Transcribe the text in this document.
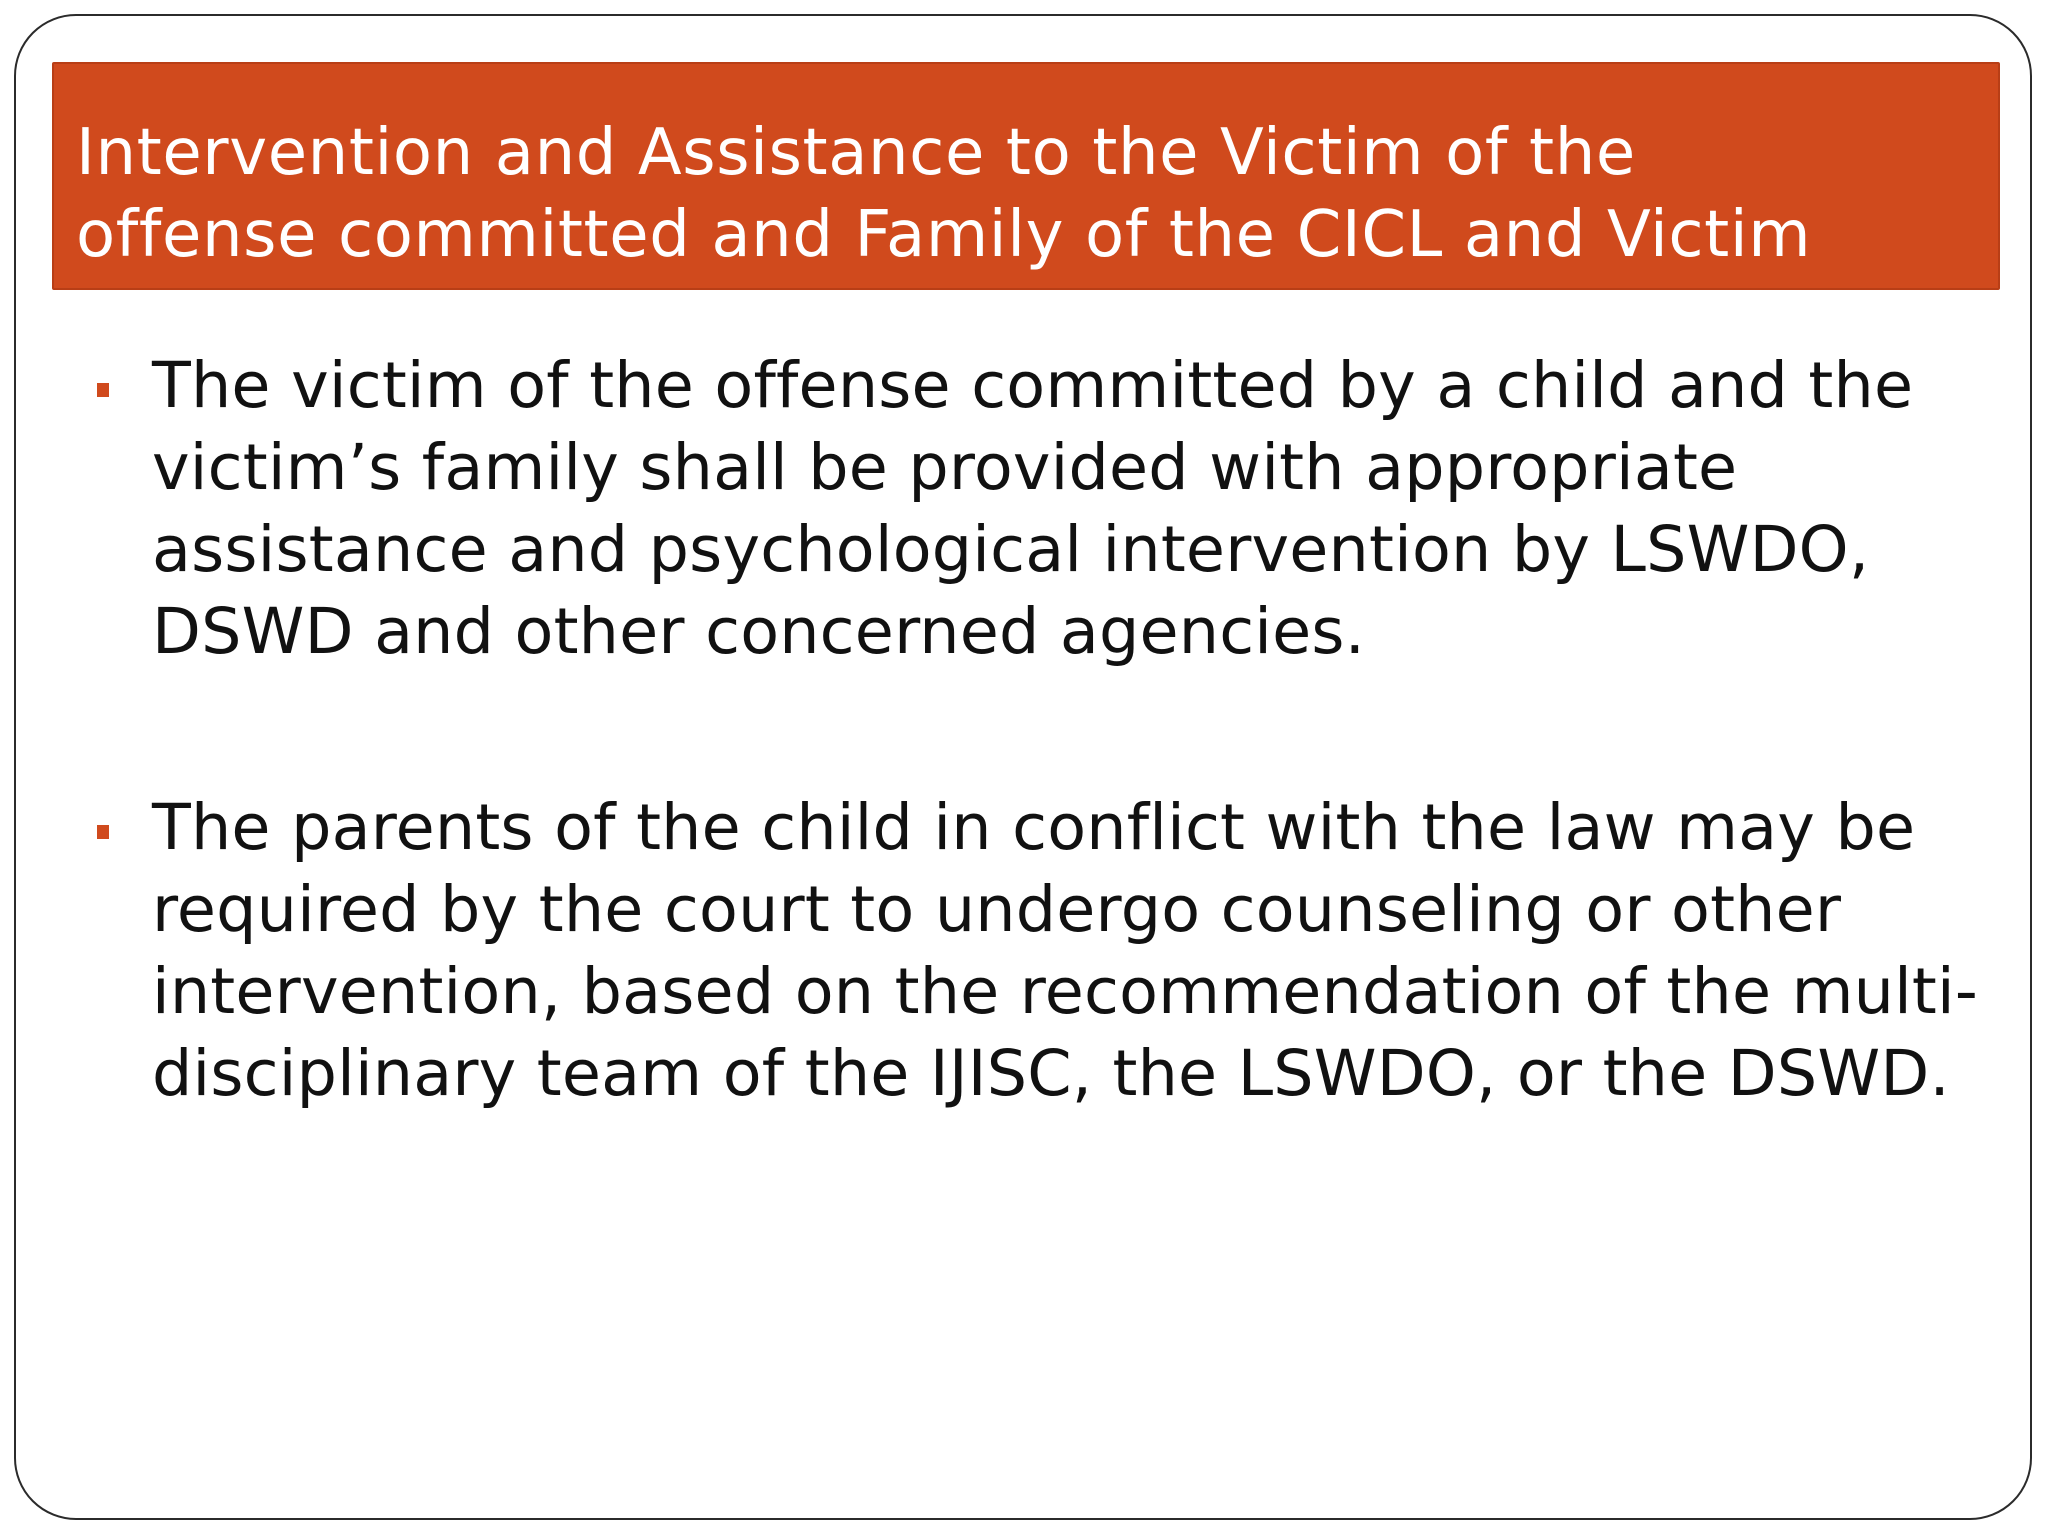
Intervention and Assistance to the Victim of the
offense committed and Family of the CICL and Victim
The victim of the offense committed by a child and the victim’s family shall be provided with appropriate assistance and psychological intervention by LSWDO, DSWD and other concerned agencies.
The parents of the child in conflict with the law may be required by the court to undergo counseling or other intervention, based on the recommendation of the multi-disciplinary team of the IJISC, the LSWDO, or the DSWD.
